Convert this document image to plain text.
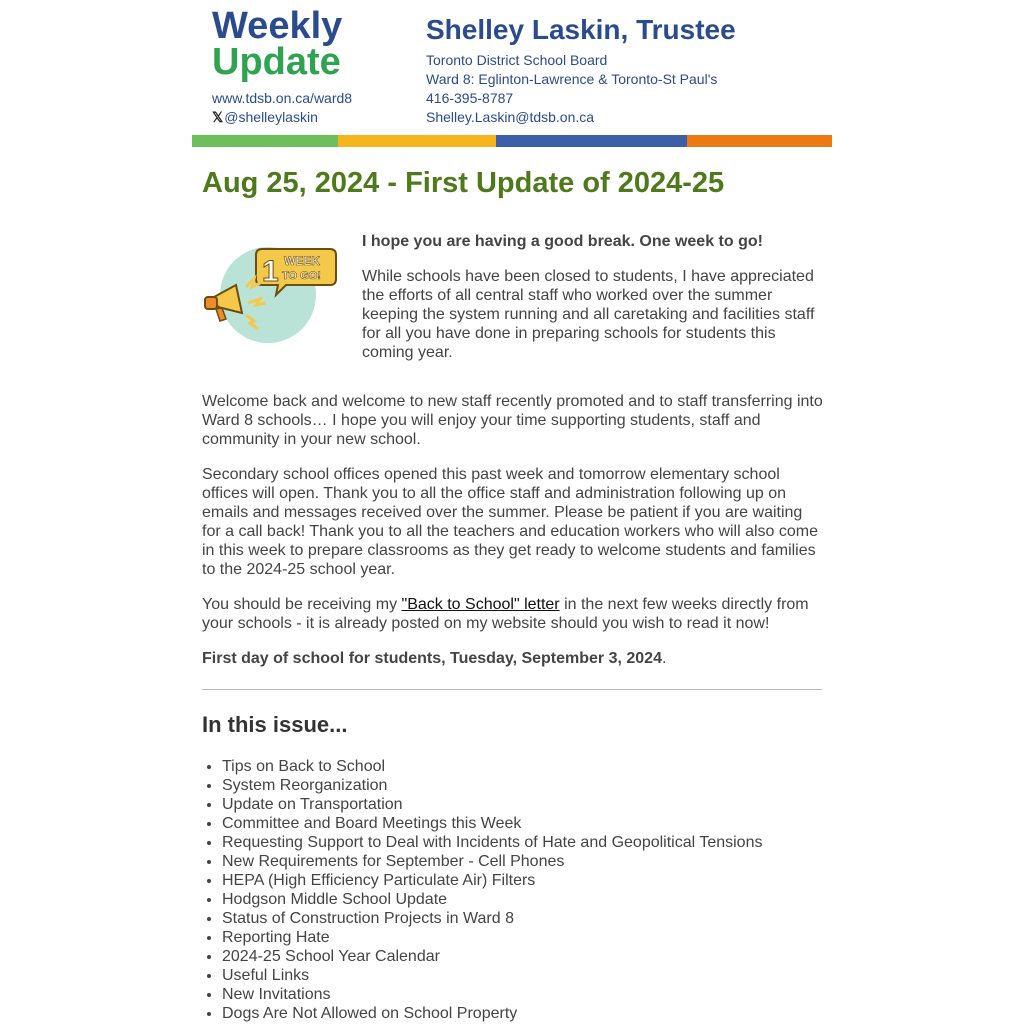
Weekly
Update
www.tdsb.on.ca/ward8
𝕏@shelleylaskin
Shelley Laskin, Trustee
Toronto District School Board
Ward 8: Eglinton-Lawrence & Toronto-St Paul's
416-395-8787
Shelley.Laskin@tdsb.on.ca
Aug 25, 2024 - First Update of 2024-25
1 WEEK
TO GO!

I hope you are having a good break. One week to go!

While schools have been closed to students, I have appreciated the efforts of all central staff who worked over the summer keeping the system running and all caretaking and facilities staff for all you have done in preparing schools for students this coming year.

Welcome back and welcome to new staff recently promoted and to staff transferring into Ward 8 schools… I hope you will enjoy your time supporting students, staff and community in your new school.

Secondary school offices opened this past week and tomorrow elementary school offices will open. Thank you to all the office staff and administration following up on emails and messages received over the summer. Please be patient if you are waiting for a call back! Thank you to all the teachers and education workers who will also come in this week to prepare classrooms as they get ready to welcome students and families to the 2024-25 school year.

You should be receiving my "Back to School" letter in the next few weeks directly from your schools - it is already posted on my website should you wish to read it now!

First day of school for students, Tuesday, September 3, 2024.

In this issue...
• Tips on Back to School
• System Reorganization
• Update on Transportation
• Committee and Board Meetings this Week
• Requesting Support to Deal with Incidents of Hate and Geopolitical Tensions
• New Requirements for September - Cell Phones
• HEPA (High Efficiency Particulate Air) Filters
• Hodgson Middle School Update
• Status of Construction Projects in Ward 8
• Reporting Hate
• 2024-25 School Year Calendar
• Useful Links
• New Invitations
• Dogs Are Not Allowed on School Property
